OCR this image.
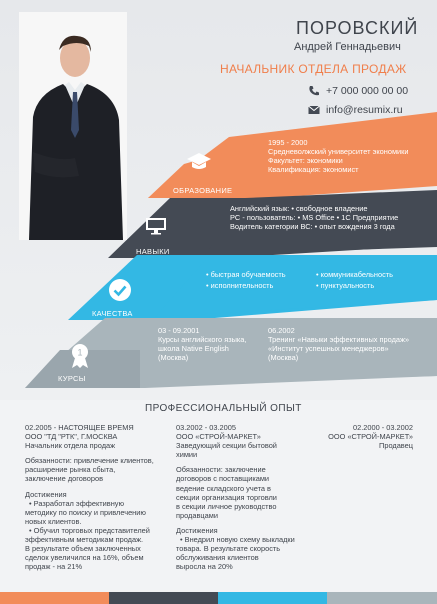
ПОРОВСКИЙ
Андрей Геннадьевич
НАЧАЛЬНИК ОТДЕЛА ПРОДАЖ
+7 000 000 00 00
info@resumix.ru
1
ОБРАЗОВАНИЕ
НАВЫКИ
КАЧЕСТВА
КУРСЫ
1995 - 2000
Средневолжский университет экономики
Факультет: экономики
Квалификация: экономист
Английский язык: • свободное владение
PC - пользователь: • MS Office • 1С Предприятие
Водитель категории ВС: • опыт вождения 3 года
• быстрая обучаемость
• исполнительность
• коммуникабельность
• пунктуальность
03 - 09.2001
Курсы английского языка,
школа Native English
(Москва)
06.2002
Тренинг «Навыки эффективных продаж»
«Институт успешных менеджеров»
(Москва)
ПРОФЕССИОНАЛЬНЫЙ ОПЫТ
02.2005 - НАСТОЯЩЕЕ ВРЕМЯ
ООО "ТД "РТК", Г.МОСКВА
Начальник отдела продаж
Обязанности: привлечение клиентов,
расширение рынка сбыта,
заключение договоров
Достижения
• Разработал эффективную
методику по поиску и привлечению
новых клиентов.
• Обучил торговых представителей
эффективным методикам продаж.
В результате объем заключенных
сделок увеличился на 16%, объем
продаж - на 21%
03.2002 - 03.2005
ООО «СТРОЙ-МАРКЕТ»
Заведующий секции бытовой
химии
Обязанности: заключение
договоров с поставщиками
ведение складского учета в
секции организация торговли
в секции личное руководство
продавцами
Достижения
• Внедрил новую схему выкладки
товара. В результате скорость
обслуживания клиентов
выросла на 20%
02.2000 - 03.2002
ООО «СТРОЙ-МАРКЕТ»
Продавец
